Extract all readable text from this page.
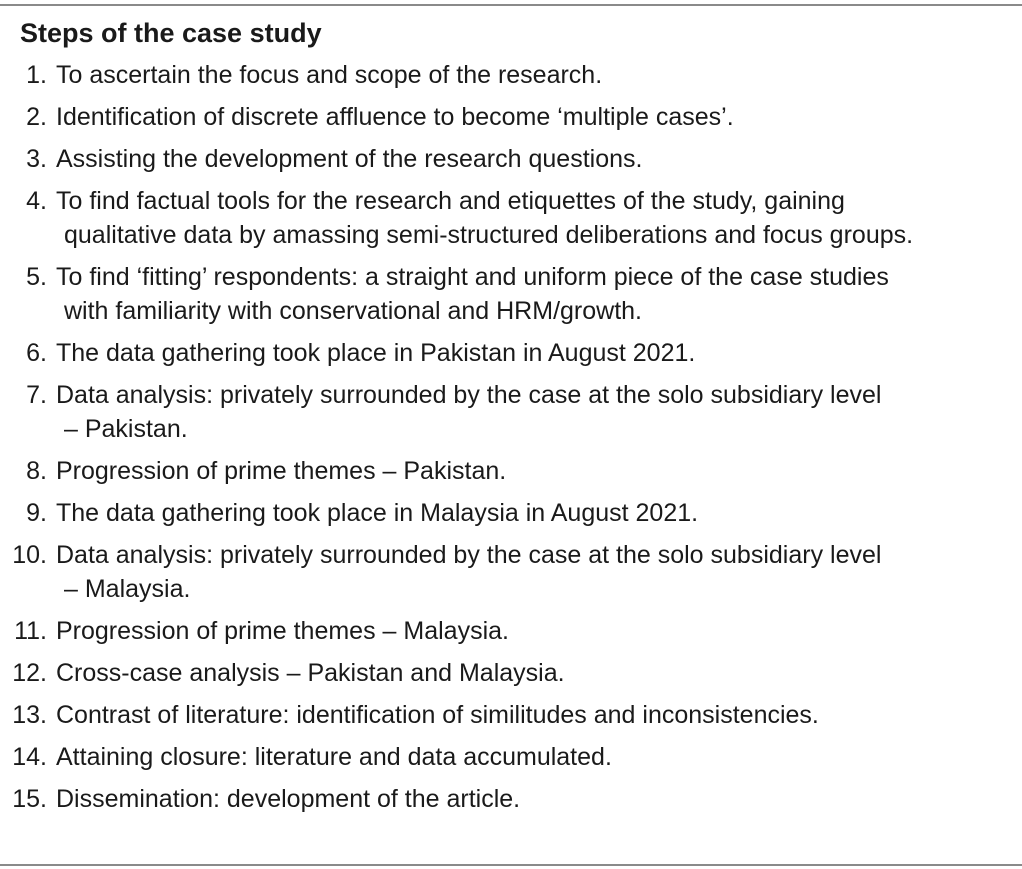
Steps of the case study
1. To ascertain the focus and scope of the research.
2. Identification of discrete affluence to become ‘multiple cases’.
3. Assisting the development of the research questions.
4. To find factual tools for the research and etiquettes of the study, gaining
qualitative data by amassing semi-structured deliberations and focus groups.
5. To find ‘fitting’ respondents: a straight and uniform piece of the case studies
with familiarity with conservational and HRM/growth.
6. The data gathering took place in Pakistan in August 2021.
7. Data analysis: privately surrounded by the case at the solo subsidiary level
– Pakistan.
8. Progression of prime themes – Pakistan.
9. The data gathering took place in Malaysia in August 2021.
10. Data analysis: privately surrounded by the case at the solo subsidiary level
– Malaysia.
11. Progression of prime themes – Malaysia.
12. Cross-case analysis – Pakistan and Malaysia.
13. Contrast of literature: identification of similitudes and inconsistencies.
14. Attaining closure: literature and data accumulated.
15. Dissemination: development of the article.
